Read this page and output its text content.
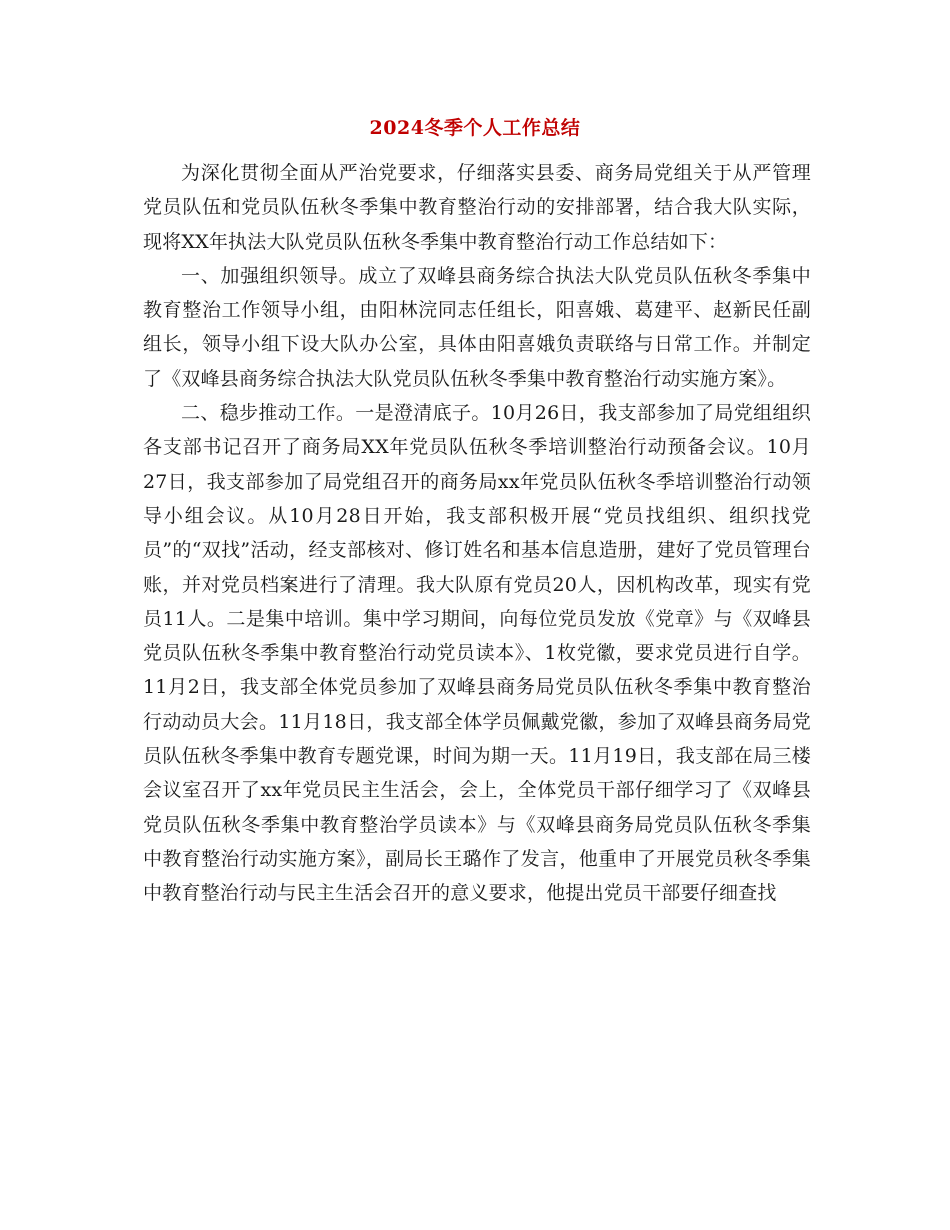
2024冬季个人工作总结

为深化贯彻全面从严治党要求，仔细落实县委、商务局党组关于从严管理党员队伍和党员队伍秋冬季集中教育整治行动的安排部署，结合我大队实际，现将XX年执法大队党员队伍秋冬季集中教育整治行动工作总结如下：

一、加强组织领导。成立了双峰县商务综合执法大队党员队伍秋冬季集中教育整治工作领导小组，由阳林浣同志任组长，阳喜娥、葛建平、赵新民任副组长，领导小组下设大队办公室，具体由阳喜娥负责联络与日常工作。并制定了《双峰县商务综合执法大队党员队伍秋冬季集中教育整治行动实施方案》。

二、稳步推动工作。一是澄清底子。10月26日，我支部参加了局党组组织各支部书记召开了商务局XX年党员队伍秋冬季培训整治行动预备会议。10月27日，我支部参加了局党组召开的商务局xx年党员队伍秋冬季培训整治行动领导小组会议。从10月28日开始，我支部积极开展“党员找组织、组织找党员”的“双找”活动，经支部核对、修订姓名和基本信息造册，建好了党员管理台账，并对党员档案进行了清理。我大队原有党员20人，因机构改革，现实有党员11人。二是集中培训。集中学习期间，向每位党员发放《党章》与《双峰县党员队伍秋冬季集中教育整治行动党员读本》、1枚党徽，要求党员进行自学。11月2日，我支部全体党员参加了双峰县商务局党员队伍秋冬季集中教育整治行动动员大会。11月18日，我支部全体学员佩戴党徽，参加了双峰县商务局党员队伍秋冬季集中教育专题党课，时间为期一天。11月19日，我支部在局三楼会议室召开了xx年党员民主生活会，会上，全体党员干部仔细学习了《双峰县党员队伍秋冬季集中教育整治学员读本》与《双峰县商务局党员队伍秋冬季集中教育整治行动实施方案》，副局长王璐作了发言，他重申了开展党员秋冬季集中教育整治行动与民主生活会召开的意义要求，他提出党员干部要仔细查找
